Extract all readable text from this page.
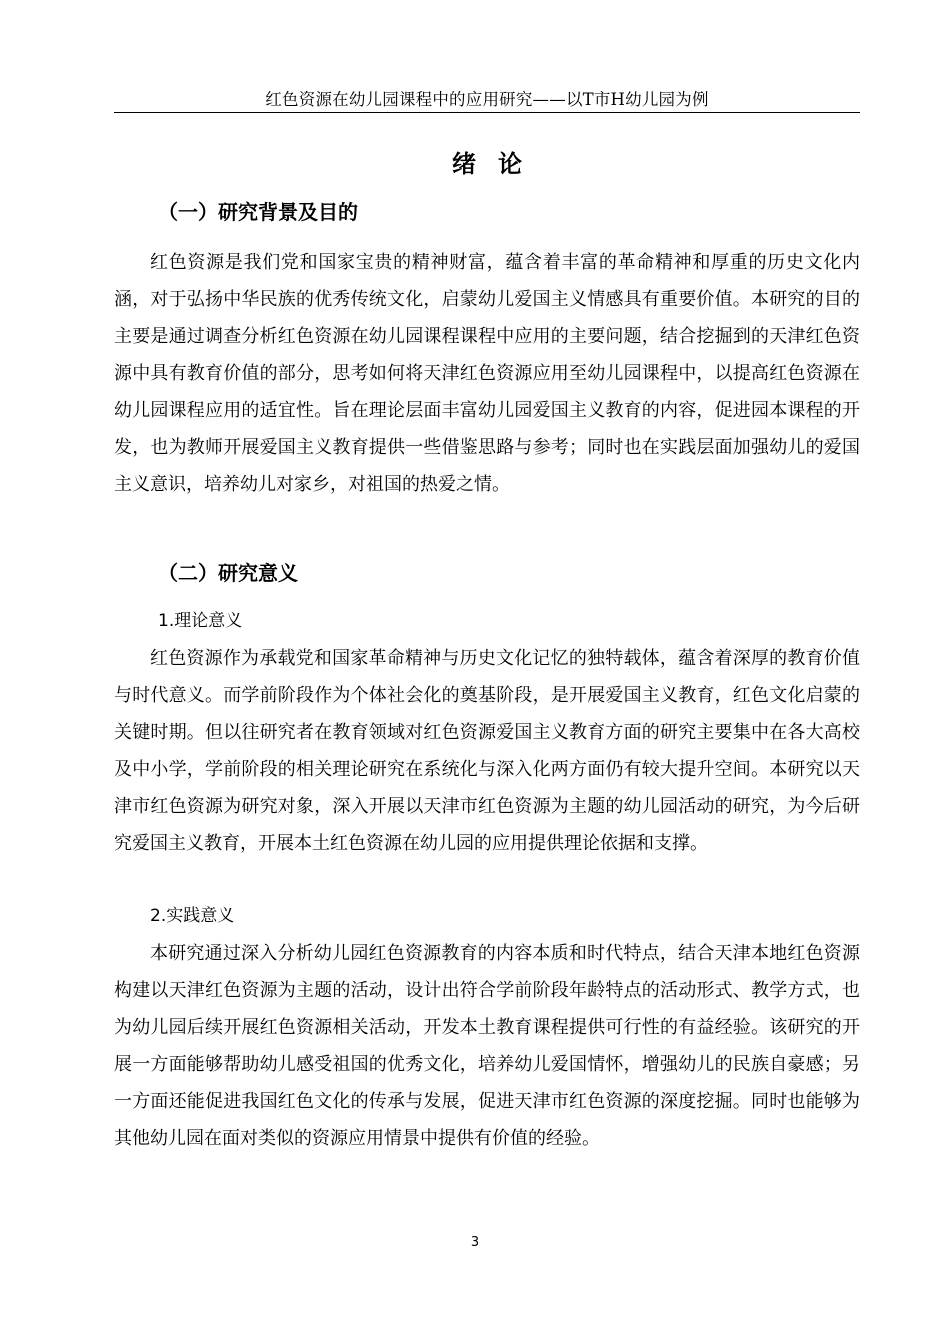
红色资源在幼儿园课程中的应用研究——以T市H幼儿园为例
绪论
（一）研究背景及目的

红色资源是我们党和国家宝贵的精神财富，蕴含着丰富的革命精神和厚重的历史文化内涵，对于弘扬中华民族的优秀传统文化，启蒙幼儿爱国主义情感具有重要价值。本研究的目的主要是通过调查分析红色资源在幼儿园课程课程中应用的主要问题，结合挖掘到的天津红色资源中具有教育价值的部分，思考如何将天津红色资源应用至幼儿园课程中，以提高红色资源在幼儿园课程应用的适宜性。旨在理论层面丰富幼儿园爱国主义教育的内容，促进园本课程的开发，也为教师开展爱国主义教育提供一些借鉴思路与参考；同时也在实践层面加强幼儿的爱国主义意识，培养幼儿对家乡，对祖国的热爱之情。

（二）研究意义
1.理论意义

红色资源作为承载党和国家革命精神与历史文化记忆的独特载体，蕴含着深厚的教育价值与时代意义。而学前阶段作为个体社会化的奠基阶段，是开展爱国主义教育，红色文化启蒙的关键时期。但以往研究者在教育领域对红色资源爱国主义教育方面的研究主要集中在各大高校及中小学，学前阶段的相关理论研究在系统化与深入化两方面仍有较大提升空间。本研究以天津市红色资源为研究对象，深入开展以天津市红色资源为主题的幼儿园活动的研究，为今后研究爱国主义教育，开展本土红色资源在幼儿园的应用提供理论依据和支撑。

2.实践意义

本研究通过深入分析幼儿园红色资源教育的内容本质和时代特点，结合天津本地红色资源构建以天津红色资源为主题的活动，设计出符合学前阶段年龄特点的活动形式、教学方式，也为幼儿园后续开展红色资源相关活动，开发本土教育课程提供可行性的有益经验。该研究的开展一方面能够帮助幼儿感受祖国的优秀文化，培养幼儿爱国情怀，增强幼儿的民族自豪感；另一方面还能促进我国红色文化的传承与发展，促进天津市红色资源的深度挖掘。同时也能够为其他幼儿园在面对类似的资源应用情景中提供有价值的经验。

3
